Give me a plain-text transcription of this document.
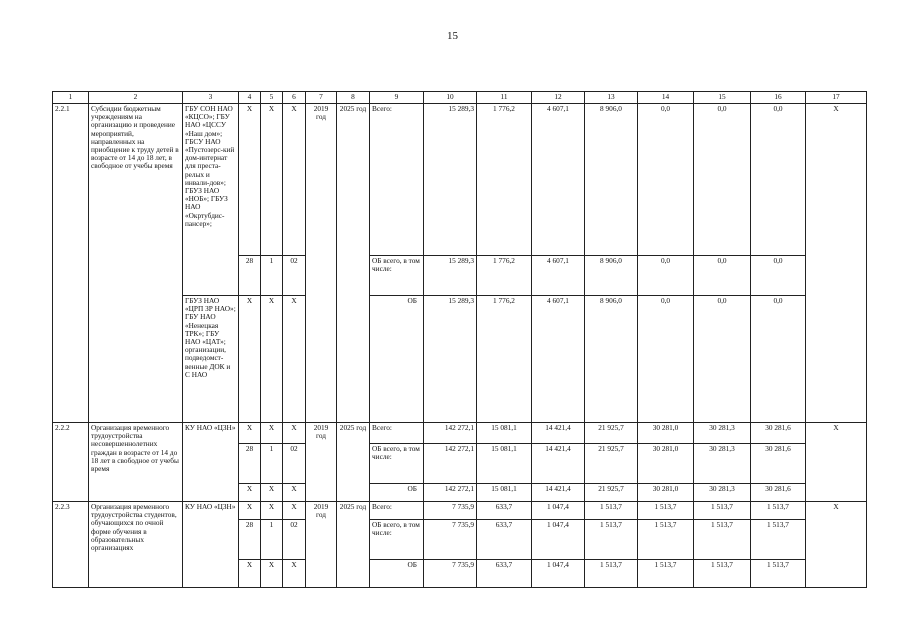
15
1	2	3	4	5	6	7	8	9	10	11	12	13	14	15	16	17
2.2.1	Субсидии бюджетным учреждениям на организацию и проведение мероприятий, направленных на приобщение к труду детей в возрасте от 14 до 18 лет, в свободное от учебы время	ГБУ СОН НАО «КЦСО»; ГБУ НАО «ЦССУ «Наш дом»; ГБСУ НАО «Пустозерс-кий дом-интернат для преста-релых и инвали-дов»; ГБУЗ НАО «НОБ»; ГБУЗ НАО «Окртубдис-пансер»;	Х	Х	Х	2019 год	2025 год	Всего:	15 289,3	1 776,2	4 607,1	8 906,0	0,0	0,0	0,0	Х
			28	1	02			ОБ всего, в том числе:	15 289,3	1 776,2	4 607,1	8 906,0	0,0	0,0	0,0	
		ГБУЗ НАО «ЦРП ЗР НАО»; ГБУ НАО «Ненецкая ТРК»; ГБУ НАО «ЦАТ»; организации, подведомст-венные ДОК и С НАО	Х	Х	Х			ОБ	15 289,3	1 776,2	4 607,1	8 906,0	0,0	0,0	0,0	
2.2.2	Организация временного трудоустройства несовершеннолетних граждан в возрасте от 14 до 18 лет в свободное от учебы время	КУ НАО «ЦЗН»	Х	Х	Х	2019 год	2025 год	Всего:	142 272,1	15 081,1	14 421,4	21 925,7	30 281,0	30 281,3	30 281,6	Х
			28	1	02			ОБ всего, в том числе:	142 272,1	15 081,1	14 421,4	21 925,7	30 281,0	30 281,3	30 281,6	
			Х	Х	Х			ОБ	142 272,1	15 081,1	14 421,4	21 925,7	30 281,0	30 281,3	30 281,6	
2.2.3	Организация временного трудоустройства студентов, обучающихся по очной форме обучения в образовательных организациях	КУ НАО «ЦЗН»	Х	Х	Х	2019 год	2025 год	Всего:	7 735,9	633,7	1 047,4	1 513,7	1 513,7	1 513,7	1 513,7	Х
			28	1	02			ОБ всего, в том числе:	7 735,9	633,7	1 047,4	1 513,7	1 513,7	1 513,7	1 513,7	
			Х	Х	Х			ОБ	7 735,9	633,7	1 047,4	1 513,7	1 513,7	1 513,7	1 513,7	
